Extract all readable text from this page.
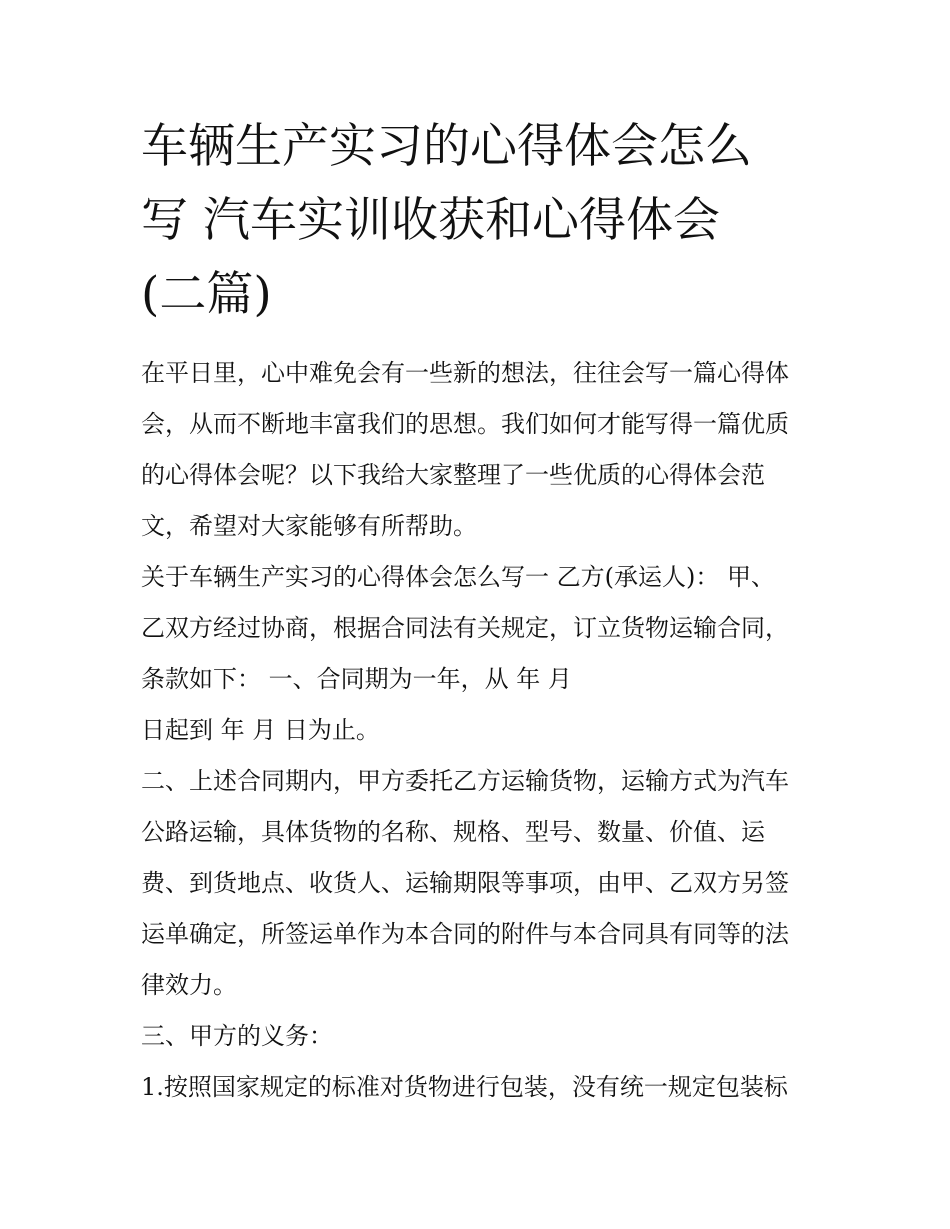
车辆生产实习的心得体会怎么
写 汽车实训收获和心得体会
(二篇)

在平日里，心中难免会有一些新的想法，往往会写一篇心得体
会，从而不断地丰富我们的思想。我们如何才能写得一篇优质
的心得体会呢？以下我给大家整理了一些优质的心得体会范
文，希望对大家能够有所帮助。

关于车辆生产实习的心得体会怎么写一 乙方(承运人)： 甲、
乙双方经过协商，根据合同法有关规定，订立货物运输合同，
条款如下： 一、合同期为一年，从 年 月
日起到 年 月 日为止。

二、上述合同期内，甲方委托乙方运输货物，运输方式为汽车
公路运输，具体货物的名称、规格、型号、数量、价值、运
费、到货地点、收货人、运输期限等事项，由甲、乙双方另签
运单确定，所签运单作为本合同的附件与本合同具有同等的法
律效力。

三、甲方的义务：

1.按照国家规定的标准对货物进行包装，没有统一规定包装标
